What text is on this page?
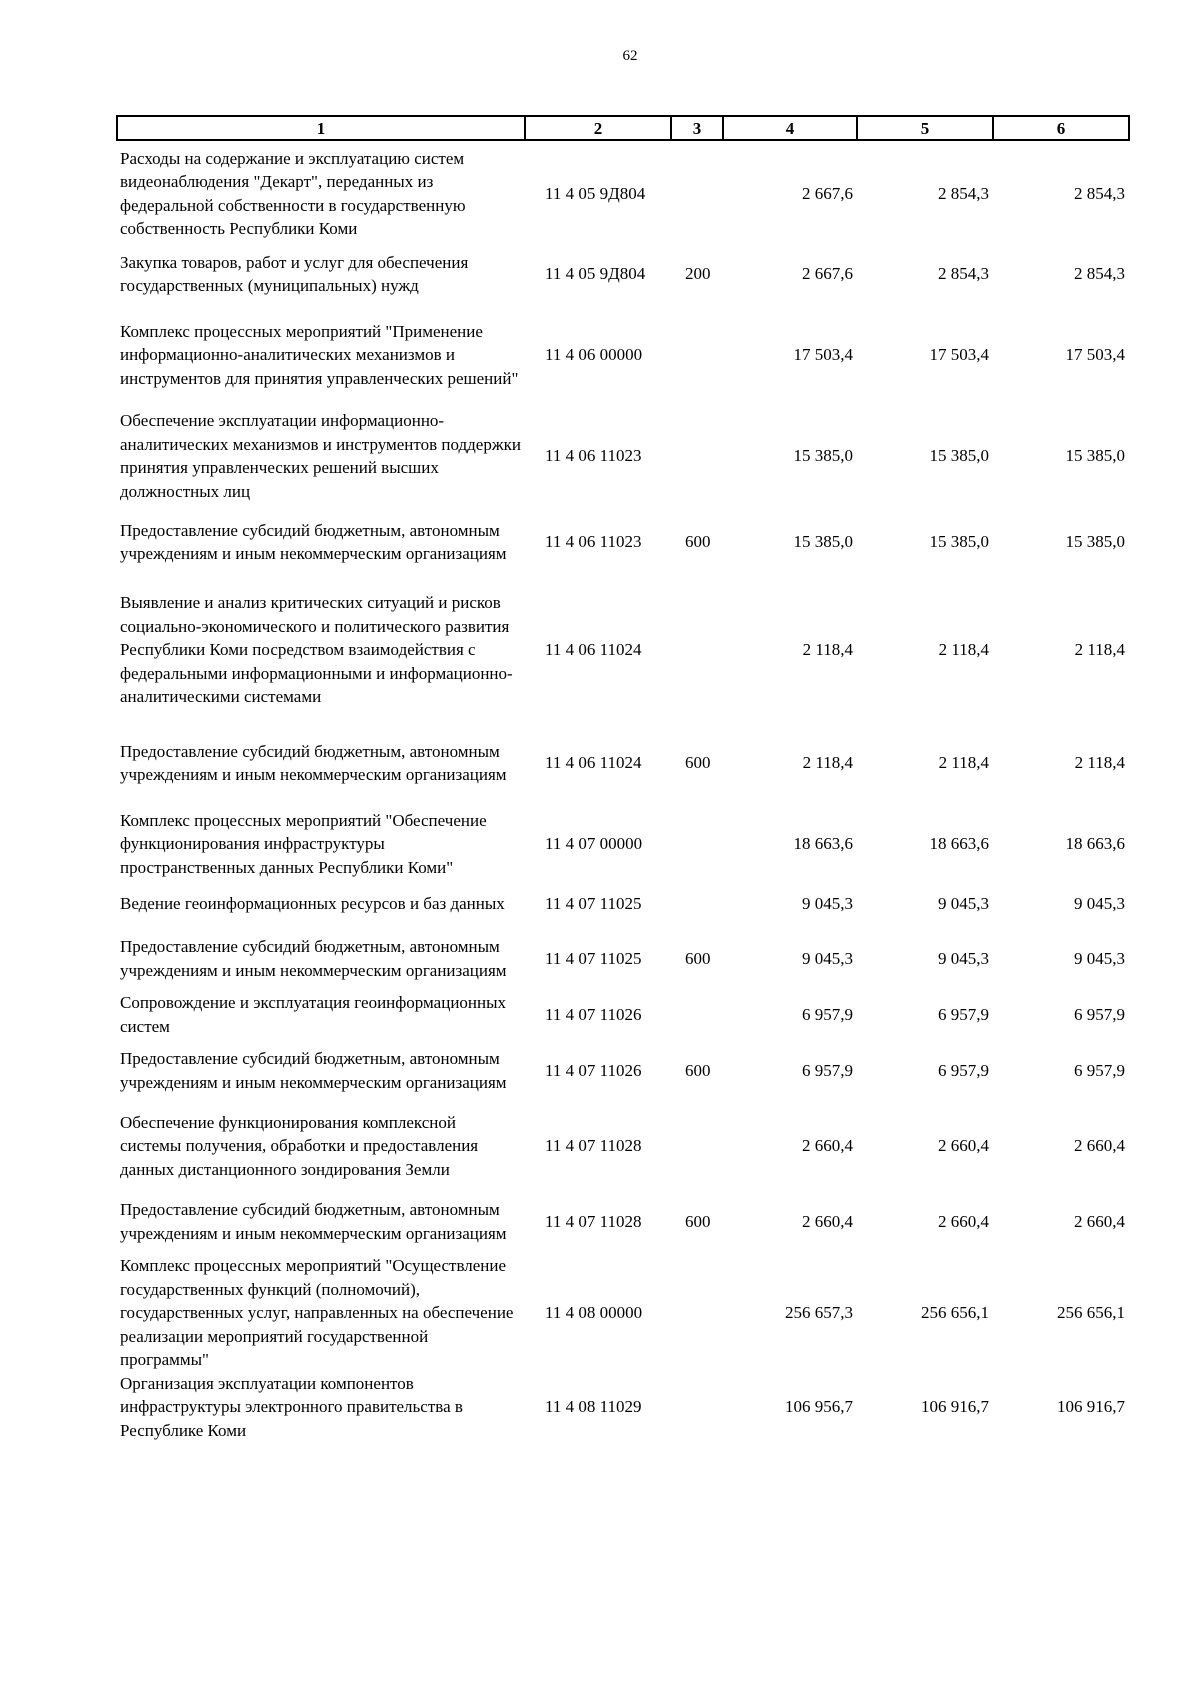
62
1	2	3	4	5	6
Расходы на содержание и эксплуатацию систем видеонаблюдения "Декарт", переданных из федеральной собственности в государственную собственность Республики Коми	11 4 05 9Д804		2 667,6	2 854,3	2 854,3
Закупка товаров, работ и услуг для обеспечения государственных (муниципальных) нужд	11 4 05 9Д804	200	2 667,6	2 854,3	2 854,3
Комплекс процессных мероприятий "Применение информационно-аналитических механизмов и инструментов для принятия управленческих решений"	11 4 06 00000		17 503,4	17 503,4	17 503,4
Обеспечение эксплуатации информационно-аналитических механизмов и инструментов поддержки принятия управленческих решений высших должностных лиц	11 4 06 11023		15 385,0	15 385,0	15 385,0
Предоставление субсидий бюджетным, автономным учреждениям и иным некоммерческим организациям	11 4 06 11023	600	15 385,0	15 385,0	15 385,0
Выявление и анализ критических ситуаций и рисков социально-экономического и политического развития Республики Коми посредством взаимодействия с федеральными информационными и информационно-аналитическими системами	11 4 06 11024		2 118,4	2 118,4	2 118,4
Предоставление субсидий бюджетным, автономным учреждениям и иным некоммерческим организациям	11 4 06 11024	600	2 118,4	2 118,4	2 118,4
Комплекс процессных мероприятий "Обеспечение функционирования инфраструктуры пространственных данных Республики Коми"	11 4 07 00000		18 663,6	18 663,6	18 663,6
Ведение геоинформационных ресурсов и баз данных	11 4 07 11025		9 045,3	9 045,3	9 045,3
Предоставление субсидий бюджетным, автономным учреждениям и иным некоммерческим организациям	11 4 07 11025	600	9 045,3	9 045,3	9 045,3
Сопровождение и эксплуатация геоинформационных систем	11 4 07 11026		6 957,9	6 957,9	6 957,9
Предоставление субсидий бюджетным, автономным учреждениям и иным некоммерческим организациям	11 4 07 11026	600	6 957,9	6 957,9	6 957,9
Обеспечение функционирования комплексной системы получения, обработки и предоставления данных дистанционного зондирования Земли	11 4 07 11028		2 660,4	2 660,4	2 660,4
Предоставление субсидий бюджетным, автономным учреждениям и иным некоммерческим организациям	11 4 07 11028	600	2 660,4	2 660,4	2 660,4
Комплекс процессных мероприятий "Осуществление государственных функций (полномочий), государственных услуг, направленных на обеспечение реализации мероприятий государственной программы"	11 4 08 00000		256 657,3	256 656,1	256 656,1
Организация эксплуатации компонентов инфраструктуры электронного правительства в Республике Коми	11 4 08 11029		106 956,7	106 916,7	106 916,7
